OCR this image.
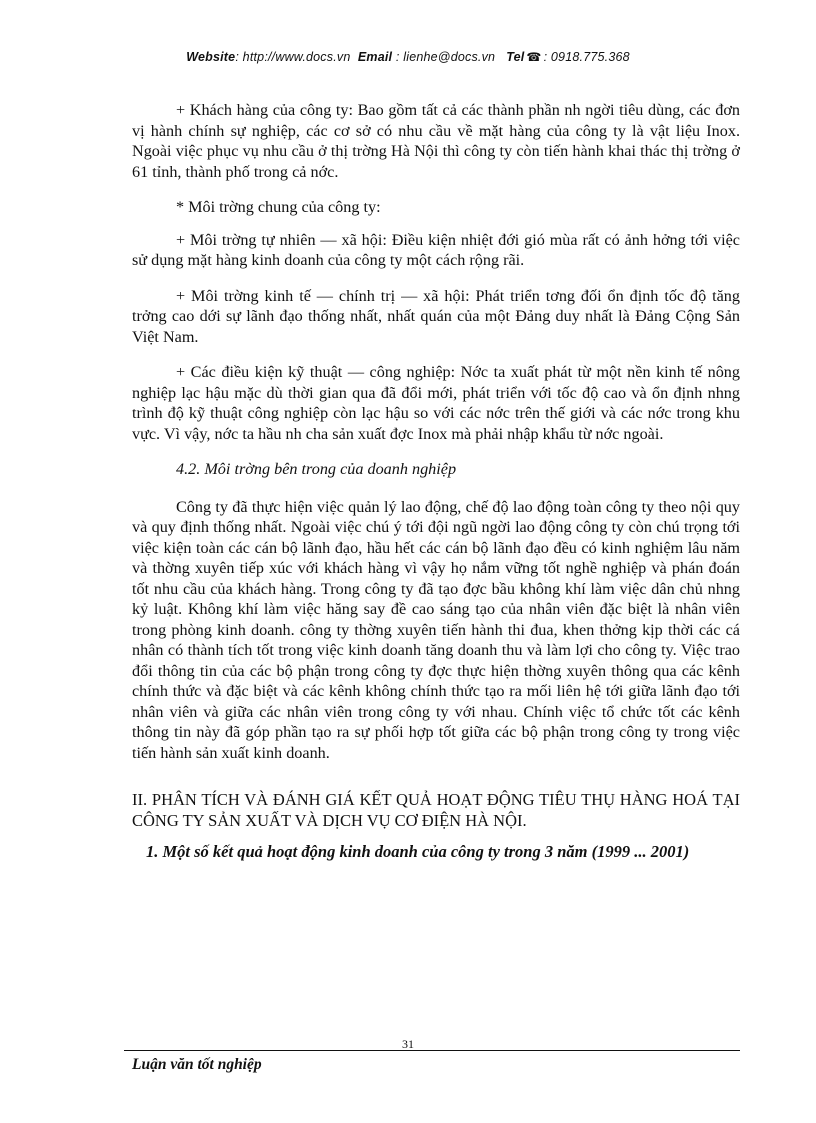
Website: http://www.docs.vn Email : lienhe@docs.vn Tel ☎ : 0918.775.368

+ Khách hàng của công ty: Bao gồm tất cả các thành phần nh ngời tiêu dùng, các đơn vị hành chính sự nghiệp, các cơ sở có nhu cầu về mặt hàng của công ty là vật liệu Inox. Ngoài việc phục vụ nhu cầu ở thị trờng Hà Nội thì công ty còn tiến hành khai thác thị trờng ở 61 tỉnh, thành phố trong cả nớc.

* Môi trờng chung của công ty:

+ Môi trờng tự nhiên — xã hội: Điều kiện nhiệt đới gió mùa rất có ảnh hởng tới việc sử dụng mặt hàng kinh doanh của công ty một cách rộng rãi.

+ Môi trờng kinh tế — chính trị — xã hội: Phát triển tơng đối ổn định tốc độ tăng trởng cao dới sự lãnh đạo thống nhất, nhất quán của một Đảng duy nhất là Đảng Cộng Sản Việt Nam.

+ Các điều kiện kỹ thuật — công nghiệp: Nớc ta xuất phát từ một nền kinh tế nông nghiệp lạc hậu mặc dù thời gian qua đã đổi mới, phát triển với tốc độ cao và ổn định nhng trình độ kỹ thuật công nghiệp còn lạc hậu so với các nớc trên thế giới và các nớc trong khu vực. Vì vậy, nớc ta hầu nh cha sản xuất đợc Inox mà phải nhập khẩu từ nớc ngoài.

4.2. Môi trờng bên trong của doanh nghiệp

Công ty đã thực hiện việc quản lý lao động, chế độ lao động toàn công ty theo nội quy và quy định thống nhất. Ngoài việc chú ý tới đội ngũ ngời lao động công ty còn chú trọng tới việc kiện toàn các cán bộ lãnh đạo, hầu hết các cán bộ lãnh đạo đều có kinh nghiệm lâu năm và thờng xuyên tiếp xúc với khách hàng vì vậy họ nắm vững tốt nghề nghiệp và phán đoán tốt nhu cầu của khách hàng. Trong công ty đã tạo đợc bầu không khí làm việc dân chủ nhng kỷ luật. Không khí làm việc hăng say đề cao sáng tạo của nhân viên đặc biệt là nhân viên trong phòng kinh doanh. công ty thờng xuyên tiến hành thi đua, khen thởng kịp thời các cá nhân có thành tích tốt trong việc kinh doanh tăng doanh thu và làm lợi cho công ty. Việc trao đổi thông tin của các bộ phận trong công ty đợc thực hiện thờng xuyên thông qua các kênh chính thức và đặc biệt và các kênh không chính thức tạo ra mối liên hệ tới giữa lãnh đạo tới nhân viên và giữa các nhân viên trong công ty với nhau. Chính việc tổ chức tốt các kênh thông tin này đã góp phần tạo ra sự phối hợp tốt giữa các bộ phận trong công ty trong việc tiến hành sản xuất kinh doanh.

II. PHÂN TÍCH VÀ ĐÁNH GIÁ KẾT QUẢ HOẠT ĐỘNG TIÊU THỤ HÀNG HOÁ TẠI CÔNG TY SẢN XUẤT VÀ DỊCH VỤ CƠ ĐIỆN HÀ NỘI.

1. Một số kết quả hoạt động kinh doanh của công ty trong 3 năm (1999 ... 2001)

31
Luận văn tốt nghiệp
